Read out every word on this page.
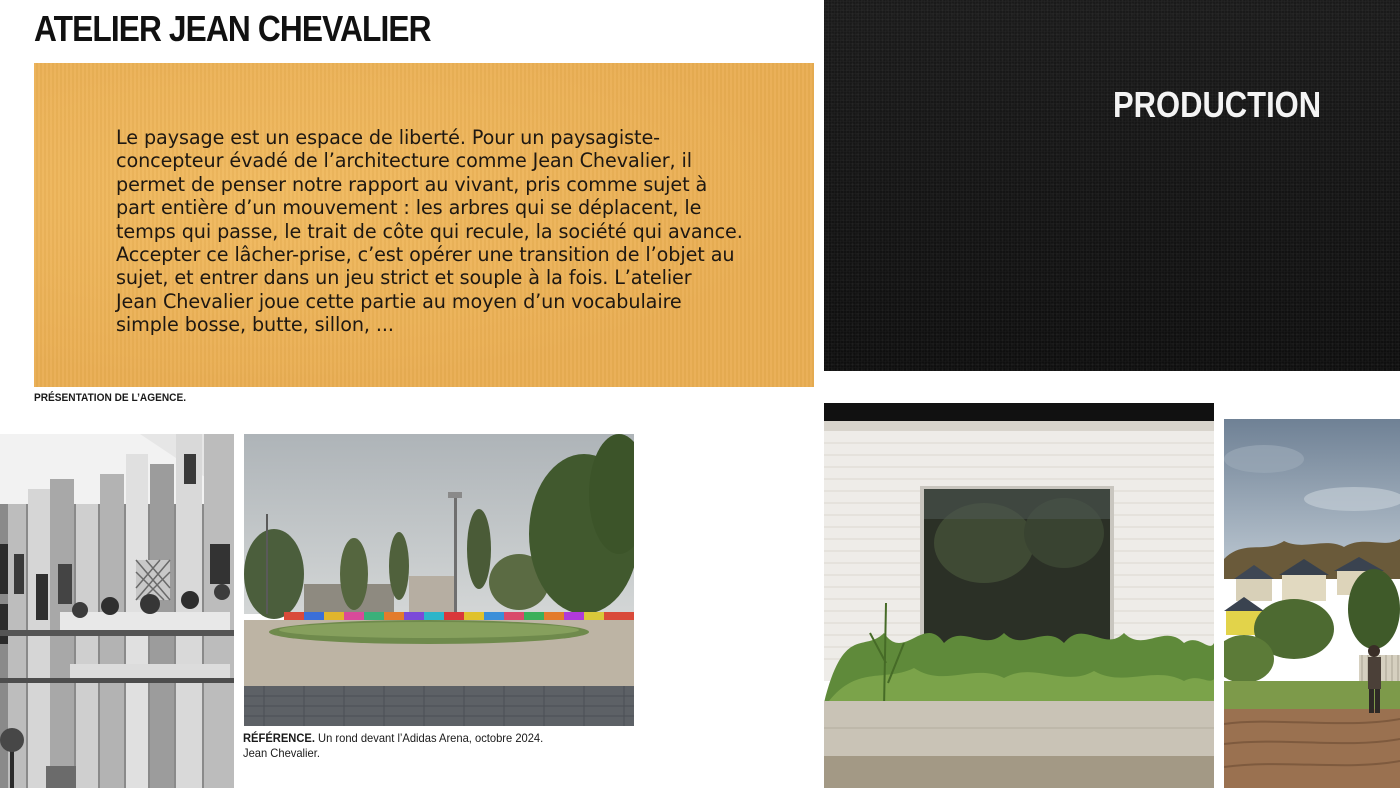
ATELIER JEAN CHEVALIER

Le paysage est un espace de liberté. Pour un paysagiste-
concepteur évadé de l’architecture comme Jean Chevalier, il
permet de penser notre rapport au vivant, pris comme sujet à
part entière d’un mouvement : les arbres qui se déplacent, le
temps qui passe, le trait de côte qui recule, la société qui avance.
Accepter ce lâcher-prise, c’est opérer une transition de l’objet au
sujet, et entrer dans un jeu strict et souple à la fois. L’atelier
Jean Chevalier joue cette partie au moyen d’un vocabulaire
simple bosse, butte, sillon, ...

PRÉSENTATION DE L’AGENCE.

PRODUCTION

RÉFÉRENCE. Un rond devant l’Adidas Arena, octobre 2024.
Jean Chevalier.
